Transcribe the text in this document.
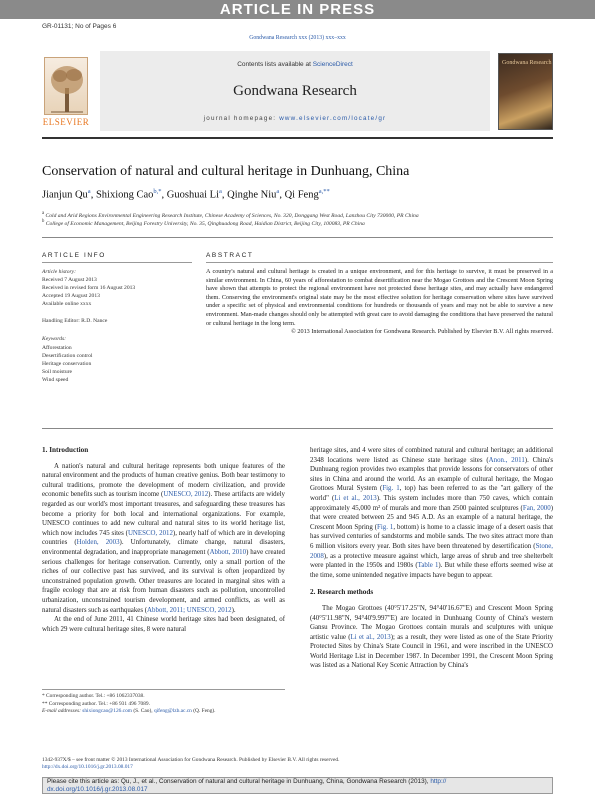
ARTICLE IN PRESS
GR-01131; No of Pages 6
Gondwana Research xxx (2013) xxx–xxx
ELSEVIER
Contents lists available at ScienceDirect
Gondwana Research
journal homepage: www.elsevier.com/locate/gr
Gondwana Research
Conservation of natural and cultural heritage in Dunhuang, China
Jianjun Qu$^a$, Shixiong Cao$^{b,*}$, Guoshuai Li$^a$, Qinghe Niu$^a$, Qi Feng$^{a,**}$
$^a$ Cold and Arid Regions Environmental Engineering Research Institute, Chinese Academy of Sciences, No. 320, Donggang West Road, Lanzhou City 730000, PR China
$^b$ College of Economic Management, Beijing Forestry University, No. 35, Qinghuadong Road, Haidian District, Beijing City, 100083, PR China
ARTICLE INFO	ABSTRACT
Article history:
Received 7 August 2013
Received in revised form 16 August 2013
Accepted 19 August 2013
Available online xxxx
Handling Editor: R.D. Nance
Keywords:
Afforestation
Desertification control
Heritage conservation
Soil moisture
Wind speed
A country's natural and cultural heritage is created in a unique environment, and for this heritage to survive, it must be preserved in a similar environment. In China, 60 years of afforestation to combat desertification near the Mogao Grottoes and the Crescent Moon Spring have shown that attempts to protect the regional environment have not protected these heritage sites, and may actually have endangered them. Conserving the environment's original state may be the most effective solution for heritage conservation where sites have survived under a specific set of physical and environmental conditions for hundreds or thousands of years and may not be able to survive a new environment. Man-made changes should only be attempted with great care to avoid damaging the conditions that have preserved the natural or cultural heritage in the long term.
© 2013 International Association for Gondwana Research. Published by Elsevier B.V. All rights reserved.
1. Introduction

A nation's natural and cultural heritage represents both unique features of the natural environment and the products of human creative genius. Both bear testimony to cultural traditions, promote the development of modern civilization, and provide economic benefits such as tourism income (UNESCO, 2012). These artifacts are widely regarded as our world's most important treasures, and safeguarding these treasures has become a priority for both local and international organizations. For example, UNESCO continues to add new cultural and natural sites to its world heritage list, which now includes 745 sites (UNESCO, 2012), nearly half of which are in developing countries (Holden, 2003). Unfortunately, climate change, natural disasters, environmental degradation, and inappropriate management (Abbott, 2010) have created serious challenges for heritage conservation. Currently, only a small portion of the riches of our collective past has survived, and its survival is often jeopardized by unconstrained population growth. Other treasures are located in marginal sites with a fragile ecology that are at risk from human disasters such as pollution, uncontrolled urbanization, unconstrained tourism development, and armed conflicts, as well as natural disasters such as earthquakes (Abbott, 2011; UNESCO, 2012).

At the end of June 2011, 41 Chinese world heritage sites had been designated, of which 29 were cultural heritage sites, 8 were natural

heritage sites, and 4 were sites of combined natural and cultural heritage; an additional 2348 locations were listed as Chinese state heritage sites (Anon., 2011). China's Dunhuang region provides two examples that provide lessons for conservators of other sites in China and around the world. As an example of cultural heritage, the Mogao Grottoes Mural System (Fig. 1, top) has been referred to as the "art gallery of the world" (Li et al., 2013). This system includes more than 750 caves, which contain approximately 45,000 m² of murals and more than 2500 painted sculptures (Fan, 2000) that were created between 25 and 945 A.D. As an example of a natural heritage, the Crescent Moon Spring (Fig. 1, bottom) is home to a classic image of a desert oasis that has survived centuries of sandstorms and mobile sands. The two sites attract more than 6 million visitors every year. Both sites have been threatened by desertification (Stone, 2008), as a protective measure against which, large areas of shrub and tree shelterbelt were planted in the 1950s and 1980s (Table 1). But while these efforts seemed wise at the time, some unintended negative impacts have begun to appear.

2. Research methods

The Mogao Grottoes (40°5'17.25"N, 94°40'16.67"E) and Crescent Moon Spring (40°5'11.98"N, 94°40'9.997"E) are located in Dunhuang County of China's western Gansu Province. The Mogao Grottoes contain murals and sculptures with unique artistic value (Li et al., 2013); as a result, they were listed as one of the State Priority Protected Sites by China's State Council in 1961, and were inscribed in the UNESCO World Heritage List in December 1987. In December 1991, the Crescent Moon Spring was listed as a National Key Scenic Attraction by China's

* Corresponding author. Tel.: +86 1062337038.
** Corresponding author. Tel.: +86 931 496 7089.
E-mail addresses: shixiongcao@126.com (S. Cao), qifeng@lzb.ac.cn (Q. Feng).
1342-937X/$ – see front matter © 2013 International Association for Gondwana Research. Published by Elsevier B.V. All rights reserved.
http://dx.doi.org/10.1016/j.gr.2013.08.017
Please cite this article as: Qu, J., et al., Conservation of natural and cultural heritage in Dunhuang, China, Gondwana Research (2013), http://
dx.doi.org/10.1016/j.gr.2013.08.017
